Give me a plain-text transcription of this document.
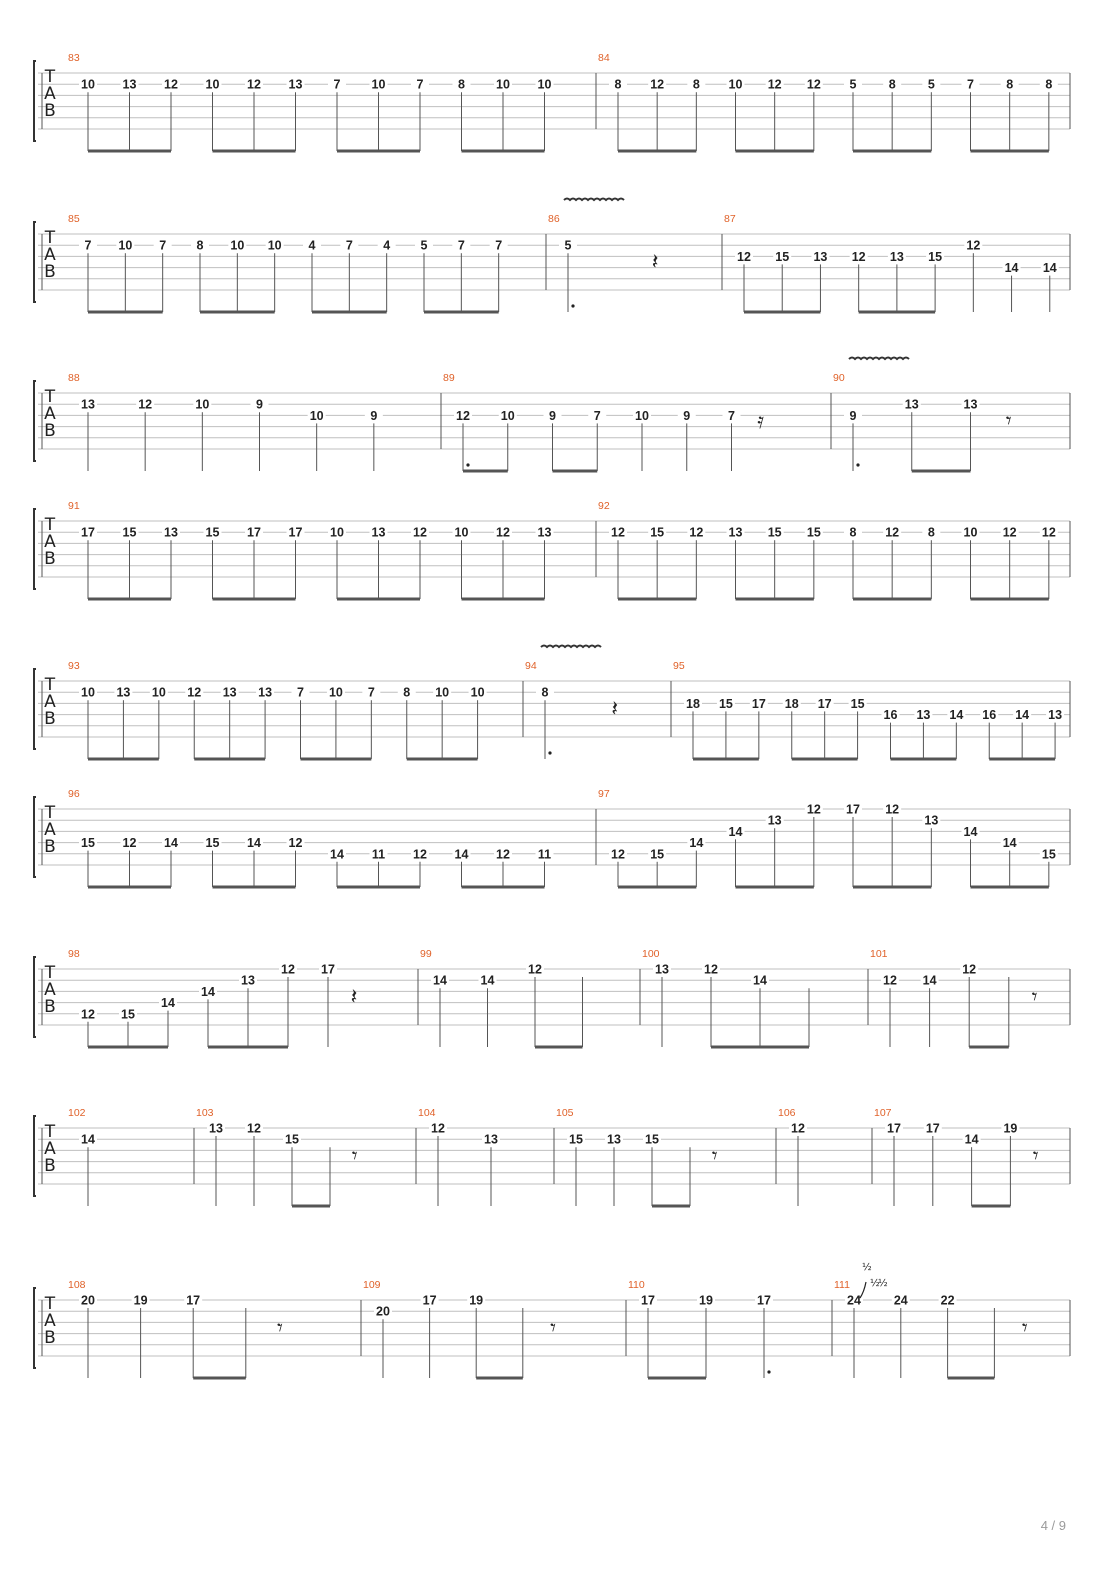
T
A
B
83
10 13 12 10 12 13 7 10 7	8 10 10
84
8 12 8 10 12 12 5	8	5	7	8	8
T
A
B
85
7 10 7 8 10 10 4 7 4 5 7 7
86
5
𝄽
87
12 15 13 12 13 15
12
14 14
T
A
B
88
13	12	10	9
10	9
89
12 10	9	7	10	9	7 𝄿
90
9
13	13
𝄾
T
A
B
91
17 15 13 15 17 17 10 13 12 10 12 13
92
12 15 12 13 15 15 8 12 8 10 12 12
T
A
B
93
10 13 10 12 13 13 7 10 7 8 10 10
94
8
𝄽
95
18 15 17 18 17 15
16 13 14 16 14 13
T
A
B
96
15 12 14 15 14 12
14 11 12 14 12 11
97
12 15
14
14
13
12 17 12
13
14
14
15
T
A
B
98
12 15
14
14
13
12 17
𝄽
99
14	14
12
100
13	12
14
101
12 14
12
𝄾
T
A
B
102
14
103
13 12
15
𝄾
104
12
13
105
15 13 15
𝄾
106
12
107
17 17
14
19
𝄾
T
A
B
108
20	19	17
𝄾
109
20
17	19
𝄾
110
17	19	17
111
24	24	22
𝄾
½
½
½
4 / 9
